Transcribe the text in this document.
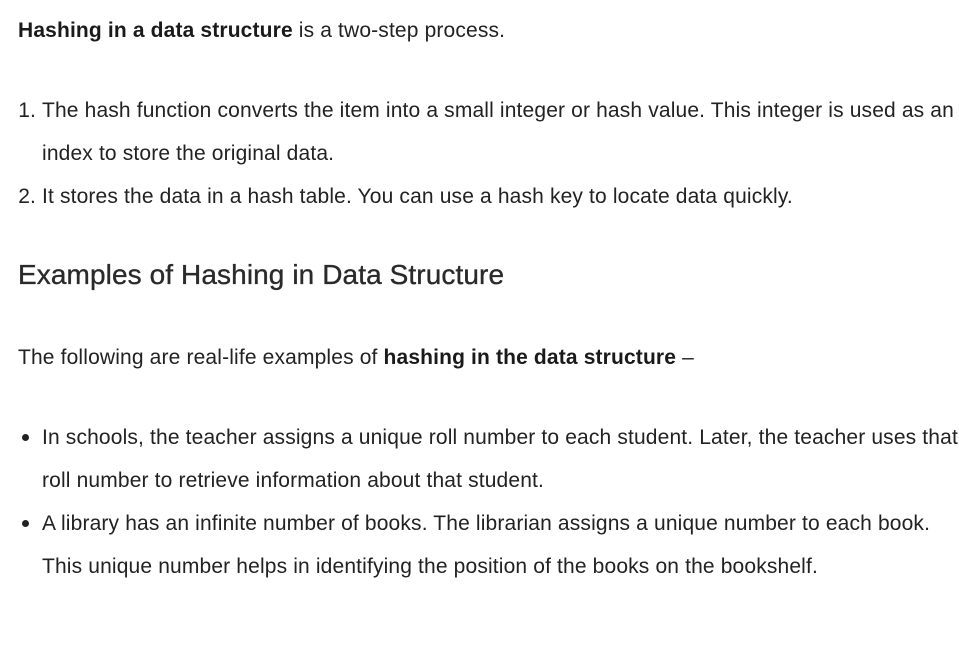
Hashing in a data structure is a two-step process.

1. The hash function converts the item into a small integer or hash value. This integer is used as an index to store the original data.
2. It stores the data in a hash table. You can use a hash key to locate data quickly.
Examples of Hashing in Data Structure

The following are real-life examples of hashing in the data structure –

In schools, the teacher assigns a unique roll number to each student. Later, the teacher uses that roll number to retrieve information about that student.
A library has an infinite number of books. The librarian assigns a unique number to each book. This unique number helps in identifying the position of the books on the bookshelf.
